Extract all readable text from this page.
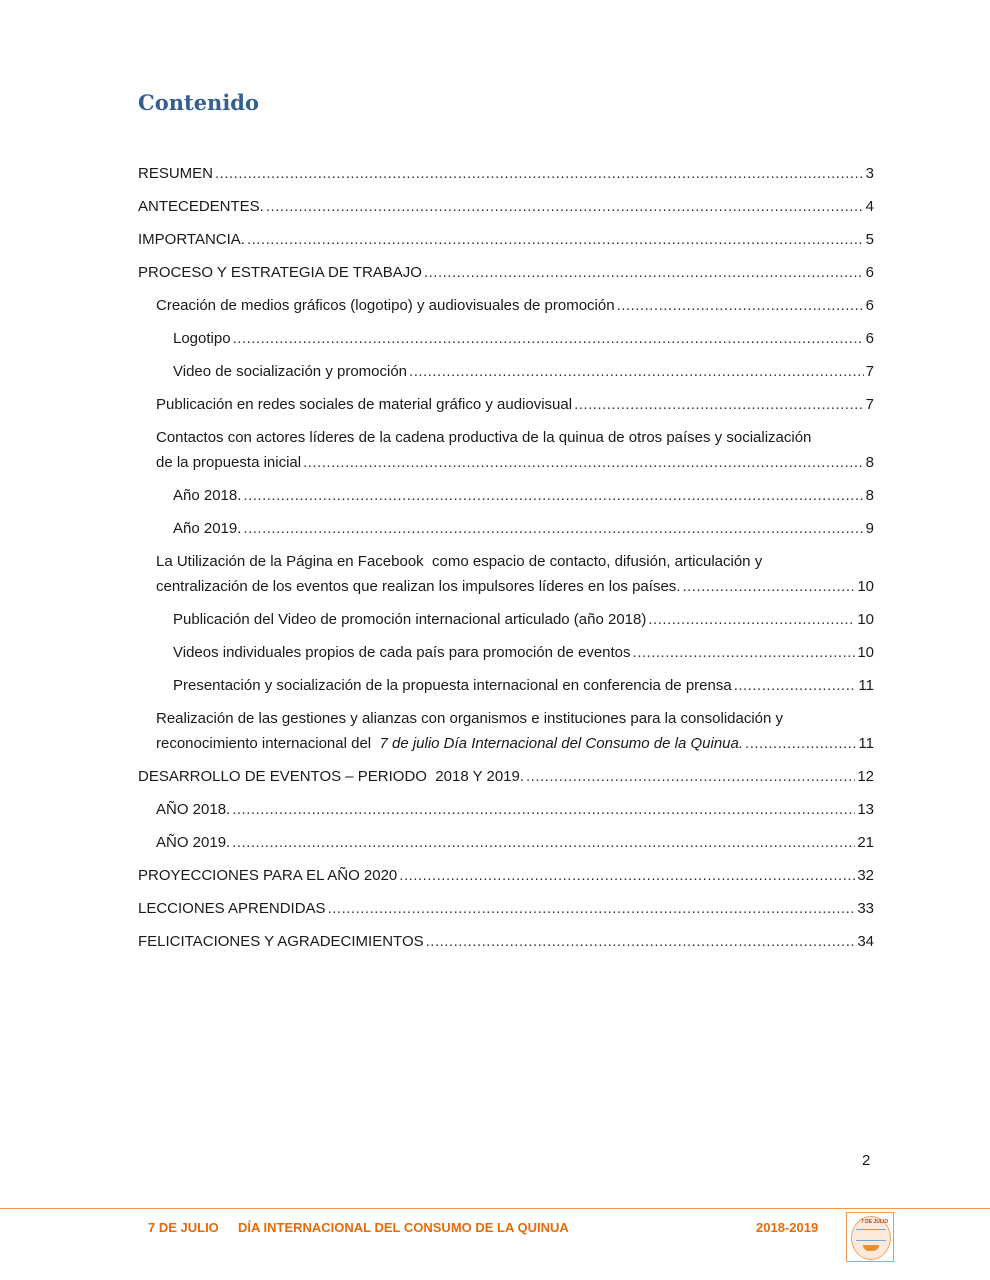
Contenido
RESUMEN .....	3
ANTECEDENTES. .....	4
IMPORTANCIA. .....	5
PROCESO Y ESTRATEGIA DE TRABAJO .....	6
Creación de medios gráficos (logotipo) y audiovisuales de promoción .....	6
Logotipo .....	6
Video de socialización y promoción .....	7
Publicación en redes sociales de material gráfico y audiovisual .....	7
Contactos con actores líderes de la cadena productiva de la quinua de otros países y socialización
de la propuesta inicial .....	8
Año 2018. .....	8
Año 2019. .....	9
La Utilización de la Página en Facebook  como espacio de contacto, difusión, articulación y
centralización de los eventos que realizan los impulsores líderes en los países. .....	10
Publicación del Video de promoción internacional articulado (año 2018) .....	10
Videos individuales propios de cada país para promoción de eventos .....	10
Presentación y socialización de la propuesta internacional en conferencia de prensa .....	11
Realización de las gestiones y alianzas con organismos e instituciones para la consolidación y
reconocimiento internacional del 7 de julio Día Internacional del Consumo de la Quinua. .....	11
DESARROLLO DE EVENTOS – PERIODO  2018 Y 2019. .....	12
AÑO 2018. .....	13
AÑO 2019. .....	21
PROYECCIONES PARA EL AÑO 2020 .....	32
LECCIONES APRENDIDAS .....	33
FELICITACIONES Y AGRADECIMIENTOS .....	34
2
7 DE JULIO DÍA INTERNACIONAL DEL CONSUMO DE LA QUINUA	2018-2019	7 DE JULIO
